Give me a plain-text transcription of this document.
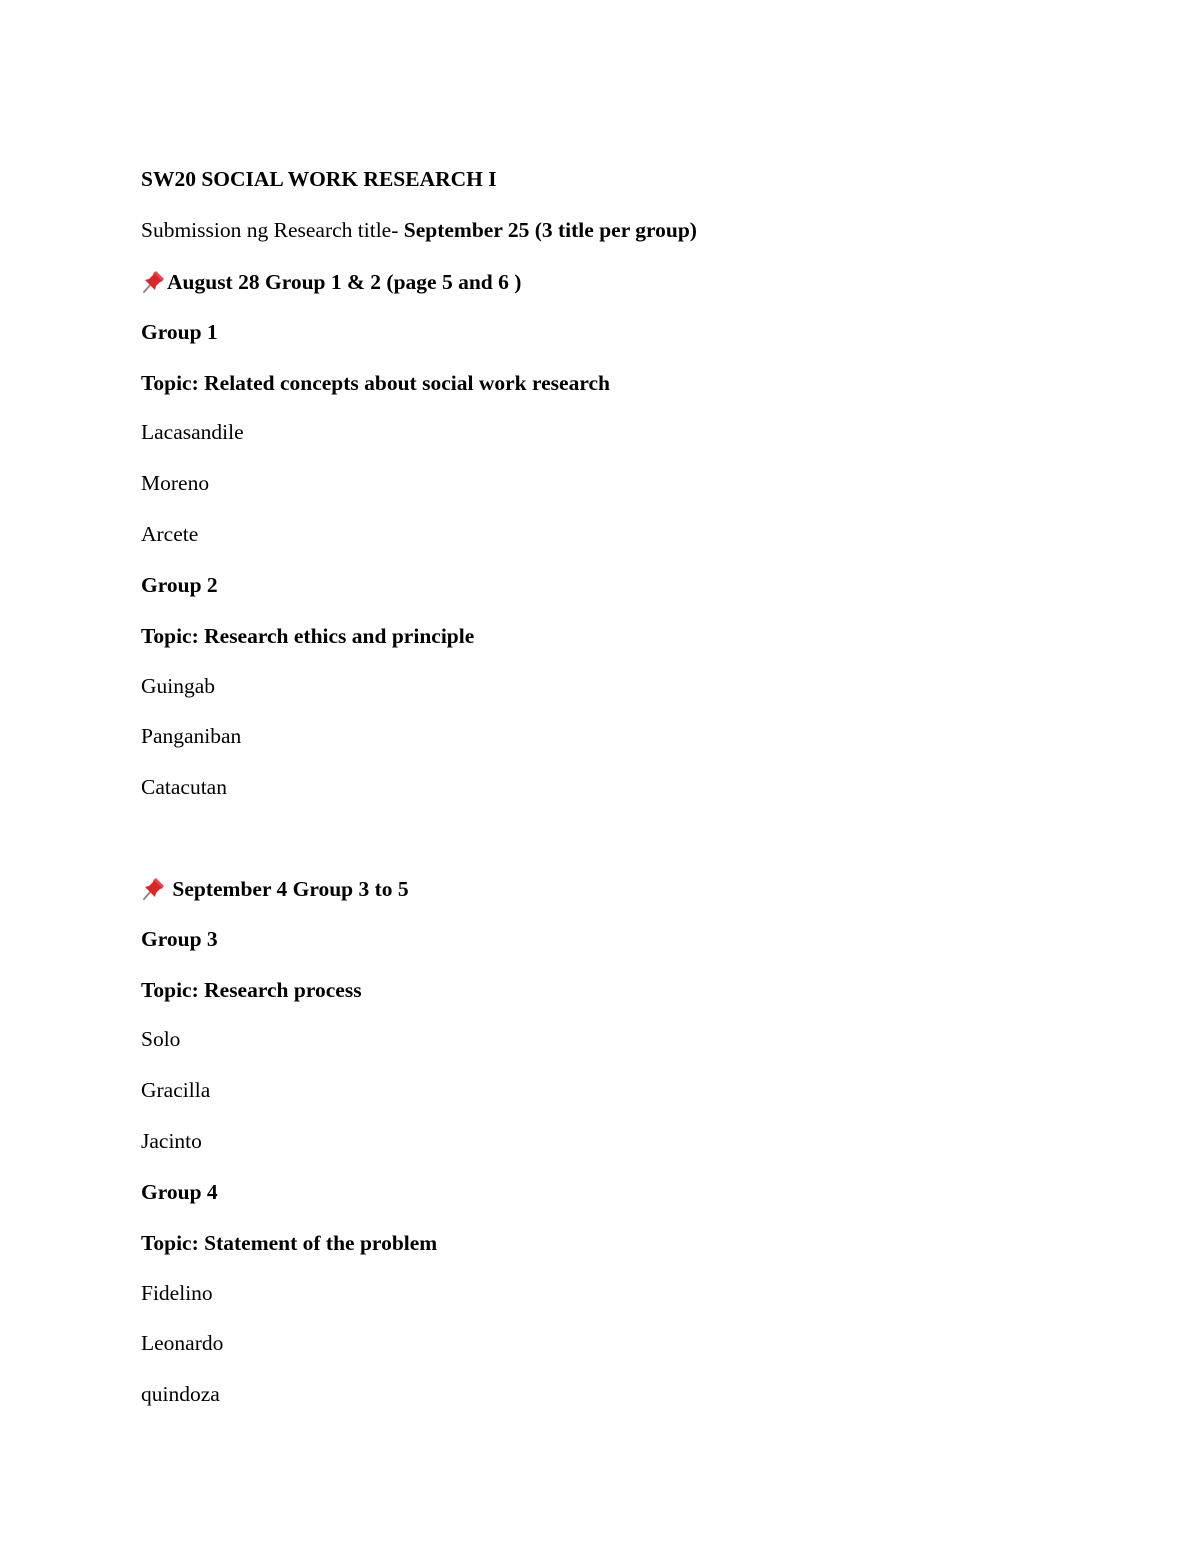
SW20 SOCIAL WORK RESEARCH I
Submission ng Research title- September 25 (3 title per group)
August 28 Group 1 & 2 (page 5 and 6 )
Group 1
Topic: Related concepts about social work research
Lacasandile
Moreno
Arcete
Group 2
Topic: Research ethics and principle
Guingab
Panganiban
Catacutan
September 4 Group 3 to 5
Group 3
Topic: Research process
Solo
Gracilla
Jacinto
Group 4
Topic: Statement of the problem
Fidelino
Leonardo
quindoza
